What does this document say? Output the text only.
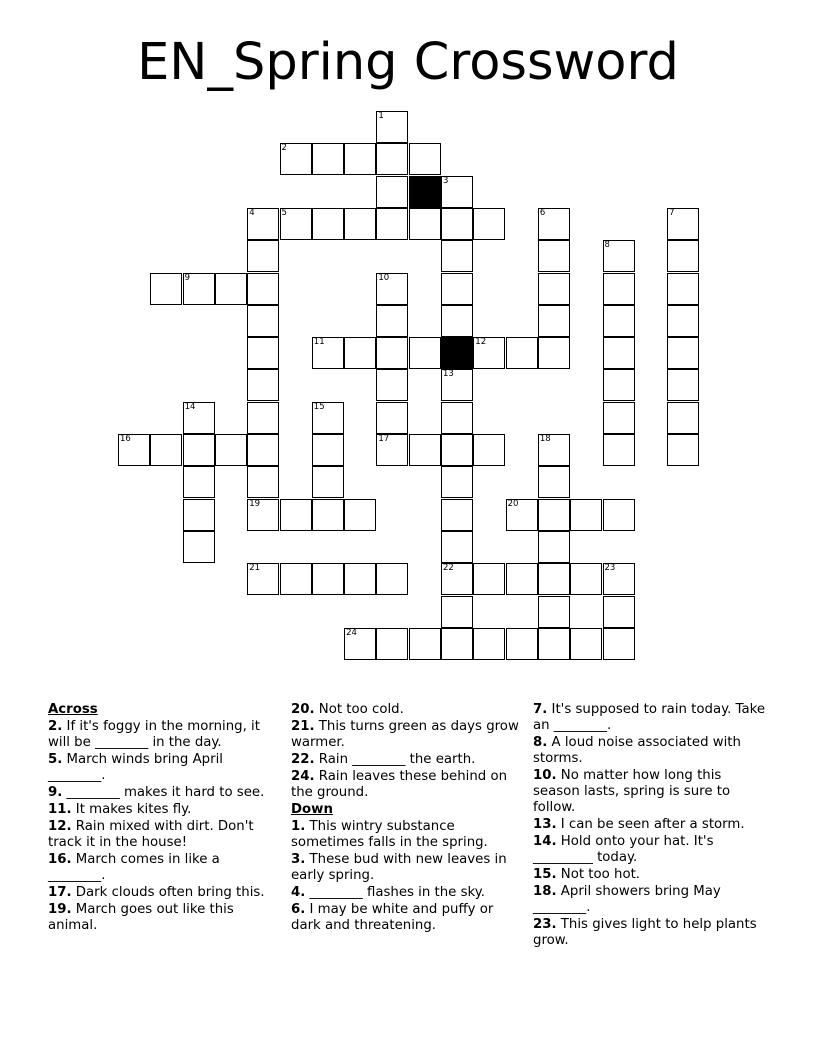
EN_Spring Crossword
2
5
9
11	12
16	17
19	20
21	22	23
24
1
3
13
4	6	7
8
10
14	15
18
Across
2. If it's foggy in the morning, it will be ________ in the day.
5. March winds bring April ________.
9. ________ makes it hard to see.
11. It makes kites fly.
12. Rain mixed with dirt. Don't track it in the house!
16. March comes in like a ________.
17. Dark clouds often bring this.
19. March goes out like this animal.
20. Not too cold.
21. This turns green as days grow warmer.
22. Rain ________ the earth.
24. Rain leaves these behind on the ground.
Down
1. This wintry substance sometimes falls in the spring.
3. These bud with new leaves in early spring.
4. ________ flashes in the sky.
6. I may be white and puffy or dark and threatening.
7. It's supposed to rain today. Take an ________.
8. A loud noise associated with storms.
10. No matter how long this season lasts, spring is sure to follow.
13. I can be seen after a storm.
14. Hold onto your hat. It's _________ today.
15. Not too hot.
18. April showers bring May ________.
23. This gives light to help plants grow.
